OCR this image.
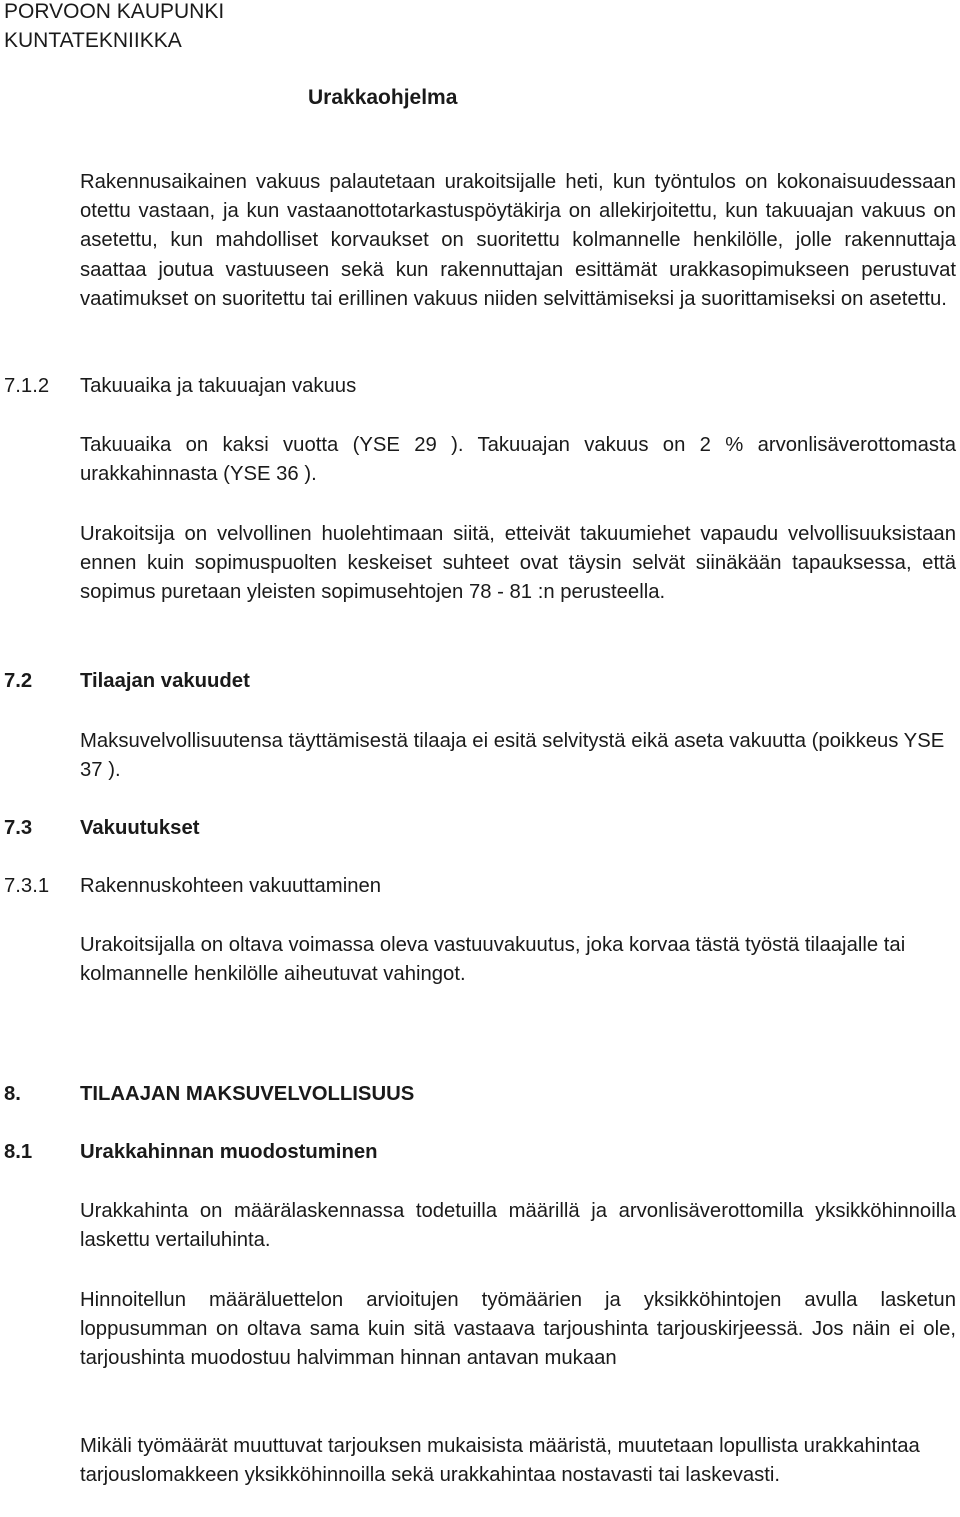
PORVOON KAUPUNKI

KUNTATEKNIIKKA

Urakkaohjelma

Rakennusaikainen vakuus palautetaan urakoitsijalle heti, kun työntulos on kokonaisuudessaan otettu vastaan, ja kun vastaanottotarkastuspöytäkirja on allekirjoitettu, kun takuuajan vakuus on asetettu, kun mahdolliset korvaukset on suoritettu kolmannelle henkilölle, jolle rakennuttaja saattaa joutua vastuuseen sekä kun rakennuttajan esittämät urakkasopimukseen perustuvat vaatimukset on suoritettu tai erillinen vakuus niiden selvittämiseksi ja suorittamiseksi on asetettu.

7.1.2 Takuuaika ja takuuajan vakuus

Takuuaika on kaksi vuotta (YSE 29 ). Takuuajan vakuus on 2 % arvonlisäverottomasta urakkahinnasta (YSE 36 ).

Urakoitsija on velvollinen huolehtimaan siitä, etteivät takuumiehet vapaudu velvollisuuksistaan ennen kuin sopimuspuolten keskeiset suhteet ovat täysin selvät siinäkään tapauksessa, että sopimus puretaan yleisten sopimusehtojen 78 - 81 :n perusteella.

7.2 Tilaajan vakuudet

Maksuvelvollisuutensa täyttämisestä tilaaja ei esitä selvitystä eikä aseta vakuutta (poikkeus YSE 37 ).

7.3 Vakuutukset
7.3.1 Rakennuskohteen vakuuttaminen

Urakoitsijalla on oltava voimassa oleva vastuuvakuutus, joka korvaa tästä työstä tilaajalle tai kolmannelle henkilölle aiheutuvat vahingot.

8.	TILAAJAN MAKSUVELVOLLISUUS
8.1 Urakkahinnan muodostuminen

Urakkahinta on määrälaskennassa todetuilla määrillä ja arvonlisäverottomilla yksikköhinnoilla laskettu vertailuhinta.

Hinnoitellun määräluettelon arvioitujen työmäärien ja yksikköhintojen avulla lasketun loppusumman on oltava sama kuin sitä vastaava tarjoushinta tarjouskirjeessä. Jos näin ei ole, tarjoushinta muodostuu halvimman hinnan antavan mukaan

Mikäli työmäärät muuttuvat tarjouksen mukaisista määristä, muutetaan lopullista urakkahintaa tarjouslomakkeen yksikköhinnoilla sekä urakkahintaa nostavasti tai laskevasti.
